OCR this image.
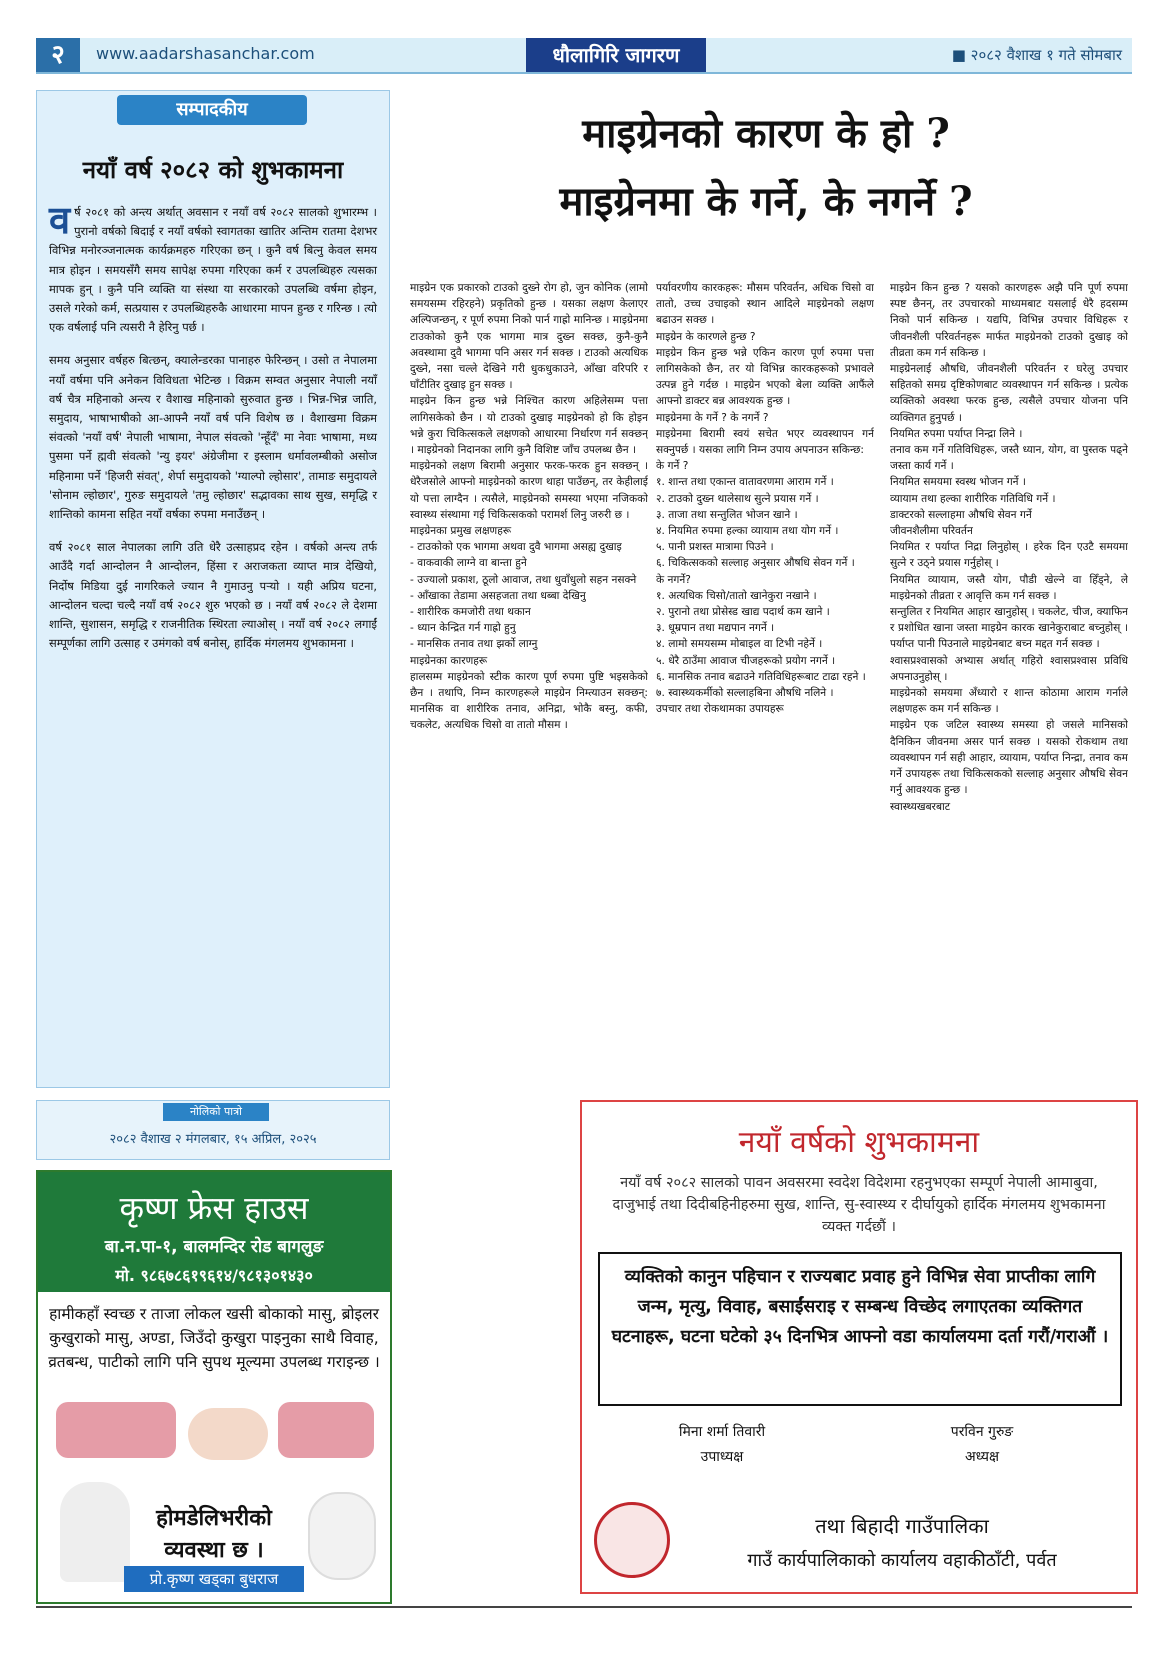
२	www.aadarshasanchar.com	धौलागिरि जागरण	■ २०८२ वैशाख १ गते सोमबार
सम्पादकीय
नयाँ वर्ष २०८२ को शुभकामना

वर्ष २०८१ को अन्त्य अर्थात् अवसान र नयाँ वर्ष २०८२ सालको शुभारम्भ । पुरानो वर्षको बिदाई र नयाँ वर्षको स्वागतका खातिर अन्तिम रातमा देशभर विभिन्न मनोरञ्जनात्मक कार्यक्रमहरु गरिएका छन् । कुनै वर्ष बित्नु केवल समय मात्र होइन । समयसँगै समय सापेक्ष रुपमा गरिएका कर्म र उपलब्धिहरु त्यसका मापक हुन् । कुनै पनि व्यक्ति या संस्था या सरकारको उपलब्धि वर्षमा होइन, उसले गरेको कर्म, सत्प्रयास र उपलब्धिहरुकै आधारमा मापन हुन्छ र गरिन्छ । त्यो एक वर्षलाई पनि त्यसरी नै हेरिनु पर्छ ।

समय अनुसार वर्षहरु बित्छन्, क्यालेन्डरका पानाहरु फेरिन्छन् । उसो त नेपालमा नयाँ वर्षमा पनि अनेकन विविधता भेटिन्छ । विक्रम सम्वत अनुसार नेपाली नयाँ वर्ष चैत्र महिनाको अन्त्य र वैशाख महिनाको सुरुवात हुन्छ । भिन्न-भिन्न जाति, समुदाय, भाषाभाषीको आ-आफ्नै नयाँ वर्ष पनि विशेष छ । वैशाखमा विक्रम संवत्को 'नयाँ वर्ष' नेपाली भाषामा, नेपाल संवत्को 'न्हूँदँ' मा नेवाः भाषामा, मध्य पुसमा पर्ने ह्मवी संवत्को 'न्यु इयर' अंग्रेजीमा र इस्लाम धर्मावलम्बीको असोज महिनामा पर्ने 'हिजरी संवत्', शेर्पा समुदायको 'ग्याल्पो ल्होसार', तामाङ समुदायले 'सोनाम ल्होछार', गुरुङ समुदायले 'तमु ल्होछार' सद्भावका साथ सुख, समृद्धि र शान्तिको कामना सहित नयाँ वर्षका रुपमा मनाउँछन् ।

वर्ष २०८१ साल नेपालका लागि उति धेरै उत्साहप्रद रहेन । वर्षको अन्त्य तर्फ आउँदै गर्दा आन्दोलन नै आन्दोलन, हिंसा र अराजकता व्याप्त मात्र देखियो, निर्दोष मिडिया दुई नागरिकले ज्यान नै गुमाउनु पर्‍यो । यही अप्रिय घटना, आन्दोलन चल्दा चल्दै नयाँ वर्ष २०८२ शुरु भएको छ । नयाँ वर्ष २०८२ ले देशमा शान्ति, सुशासन, समृद्धि र राजनीतिक स्थिरता ल्याओस् । नयाँ वर्ष २०८२ लगाईं सम्पूर्णका लागि उत्साह र उमंगको वर्ष बनोस्, हार्दिक मंगलमय शुभकामना ।

नोलिको पात्रो
२०८२ वैशाख २ मंगलबार, १५ अप्रिल, २०२५
कृष्ण फ्रेस हाउस
बा.न.पा-१, बालमन्दिर रोड बागलुङ
मो. ९८६७८६१९६१४/९८१३०१४३०
हामीकहाँ स्वच्छ र ताजा लोकल खसी बोकाको मासु, ब्रोइलर कुखुराको मासु, अण्डा, जिउँदो कुखुरा पाइनुका साथै विवाह, व्रतबन्ध, पाटीको लागि पनि सुपथ मूल्यमा उपलब्ध गराइन्छ ।
होमडेलिभरीको
व्यवस्था छ ।
प्रो.कृष्ण खड्का बुधराज
माइग्रेनको कारण के हो ?
माइग्रेनमा के गर्ने, के नगर्ने ?

माइग्रेन एक प्रकारको टाउको दुख्ने रोग हो, जुन कोनिक (लामो समयसम्म रहिरहने) प्रकृतिको हुन्छ । यसका लक्षण केलाएर अल्पिजन्छन्, र पूर्ण रुपमा निको पार्न गाह्रो मानिन्छ । माइग्रेनमा टाउकोको कुनै एक भागमा मात्र दुख्न सक्छ, कुनै-कुनै अवस्थामा दुवै भागमा पनि असर गर्न सक्छ । टाउको अत्यधिक दुख्ने, नसा चल्ले देखिने गरी धुकधुकाउने, आँखा वरिपरि र घाँटीतिर दुखाइ हुन सक्छ ।

माइग्रेन किन हुन्छ भन्ने निश्चित कारण अहिलेसम्म पत्ता लागिसकेको छैन । यो टाउको दुखाइ माइग्रेनको हो कि होइन भन्ने कुरा चिकित्सकले लक्षणको आधारमा निर्धारण गर्न सक्छन् । माइग्रेनको निदानका लागि कुनै विशिष्ट जाँच उपलब्ध छैन ।

माइग्रेनको लक्षण बिरामी अनुसार फरक-फरक हुन सक्छन् । धेरैजसोले आफ्नो माइग्रेनको कारण थाहा पाउँछन्, तर केहीलाई यो पत्ता लाग्दैन । त्यसैले, माइग्रेनको समस्या भएमा नजिकको स्वास्थ्य संस्थामा गई चिकित्सकको परामर्श लिनु जरुरी छ ।

माइग्रेनका प्रमुख लक्षणहरू

- टाउकोको एक भागमा अथवा दुवै भागमा असह्य दुखाइ

- वाकवाकी लाग्ने वा बान्ता हुने

- उज्यालो प्रकाश, ठूलो आवाज, तथा धुवाँधुलो सहन नसक्ने

- आँखाका तेडामा असहजता तथा धब्बा देखिनु

- शारीरिक कमजोरी तथा थकान

- ध्यान केन्द्रित गर्न गाह्रो हुनु

- मानसिक तनाव तथा झर्को लाग्नु

माइग्रेनका कारणहरू

हालसम्म माइग्रेनको स्टीक कारण पूर्ण रुपमा पुष्टि भइसकेको छैन । तथापि, निम्न कारणहरूले माइग्रेन निम्त्याउन सक्छन्: मानसिक वा शारीरिक तनाव, अनिद्रा, भोकै बस्नु, कफी, चकलेट, अत्यधिक चिसो वा तातो मौसम ।

पर्यावरणीय कारकहरू: मौसम परिवर्तन, अधिक चिसो वा तातो, उच्च उचाइको स्थान आदिले माइग्रेनको लक्षण बढाउन सक्छ ।

माइग्रेन के कारणले हुन्छ ?

माइग्रेन किन हुन्छ भन्ने एकिन कारण पूर्ण रुपमा पत्ता लागिसकेको छैन, तर यो विभिन्न कारकहरूको प्रभावले उत्पन्न हुने गर्दछ । माइग्रेन भएको बेला व्यक्ति आफैंले आफ्नो डाक्टर बन्न आवश्यक हुन्छ ।

माइग्रेनमा के गर्ने ? के नगर्ने ?

माइग्रेनमा बिरामी स्वयं सचेत भएर व्यवस्थापन गर्न सक्नुपर्छ । यसका लागि निम्न उपाय अपनाउन सकिन्छ:

के गर्ने ?

१. शान्त तथा एकान्त वातावरणमा आराम गर्ने ।

२. टाउको दुख्न थालेसाथ सुत्ने प्रयास गर्ने ।

३. ताजा तथा सन्तुलित भोजन खाने ।

४. नियमित रुपमा हल्का व्यायाम तथा योग गर्ने ।

५. पानी प्रशस्त मात्रामा पिउने ।

६. चिकित्सकको सल्लाह अनुसार औषधि सेवन गर्ने ।

के नगर्ने?

१. अत्यधिक चिसो/तातो खानेकुरा नखाने ।

२. पुरानो तथा प्रोसेस्ड खाद्य पदार्थ कम खाने ।

३. धूम्रपान तथा मद्यपान नगर्ने ।

४. लामो समयसम्म मोबाइल वा टिभी नहेर्ने ।

५. धेरै ठाउँमा आवाज चीजहरूको प्रयोग नगर्ने ।

६. मानसिक तनाव बढाउने गतिविधिहरूबाट टाढा रहने ।

७. स्वास्थ्यकर्मीको सल्लाहबिना औषधि नलिने ।

उपचार तथा रोकथामका उपायहरू

माइग्रेन किन हुन्छ ? यसको कारणहरू अझै पनि पूर्ण रुपमा स्पष्ट छैनन्, तर उपचारको माध्यमबाट यसलाई धेरै हदसम्म निको पार्न सकिन्छ । यद्यपि, विभिन्न उपचार विधिहरू र जीवनशैली परिवर्तनहरू मार्फत माइग्रेनको टाउको दुखाइ को तीव्रता कम गर्न सकिन्छ ।

माइग्रेनलाई औषधि, जीवनशैली परिवर्तन र घरेलु उपचार सहितको समग्र दृष्टिकोणबाट व्यवस्थापन गर्न सकिन्छ । प्रत्येक व्यक्तिको अवस्था फरक हुन्छ, त्यसैले उपचार योजना पनि व्यक्तिगत हुनुपर्छ ।

नियमित रुपमा पर्याप्त निन्द्रा लिने ।

तनाव कम गर्ने गतिविधिहरू, जस्तै ध्यान, योग, वा पुस्तक पढ्ने जस्ता कार्य गर्ने ।

नियमित समयमा स्वस्थ भोजन गर्ने ।

व्यायाम तथा हल्का शारीरिक गतिविधि गर्ने ।

डाक्टरको सल्लाहमा औषधि सेवन गर्ने

जीवनशैलीमा परिवर्तन

नियमित र पर्याप्त निद्रा लिनुहोस् । हरेक दिन एउटै समयमा सुत्ने र उठ्ने प्रयास गर्नुहोस् ।

नियमित व्यायाम, जस्तै योग, पौडी खेल्ने वा हिँड्ने, ले माइग्रेनको तीव्रता र आवृत्ति कम गर्न सक्छ ।

सन्तुलित र नियमित आहार खानुहोस् । चकलेट, चीज, क्याफिन र प्रशोधित खाना जस्ता माइग्रेन कारक खानेकुराबाट बच्नुहोस् । पर्याप्त पानी पिउनाले माइग्रेनबाट बच्न मद्दत गर्न सक्छ ।

श्वासप्रश्वासको अभ्यास अर्थात् गहिरो श्वासप्रश्वास प्रविधि अपनाउनुहोस् ।

माइग्रेनको समयमा अँध्यारो र शान्त कोठामा आराम गर्नाले लक्षणहरू कम गर्न सकिन्छ ।

माइग्रेन एक जटिल स्वास्थ्य समस्या हो जसले मानिसको दैनिकिन जीवनमा असर पार्न सक्छ । यसको रोकथाम तथा व्यवस्थापन गर्न सही आहार, व्यायाम, पर्याप्त निन्द्रा, तनाव कम गर्ने उपायहरू तथा चिकित्सकको सल्लाह अनुसार औषधि सेवन गर्नु आवश्यक हुन्छ ।

स्वास्थ्यखबरबाट

नयाँ वर्षको शुभकामना
नयाँ वर्ष २०८२ सालको पावन अवसरमा स्वदेश विदेशमा रहनुभएका सम्पूर्ण नेपाली आमाबुवा, दाजुभाई तथा दिदीबहिनीहरुमा सुख, शान्ति, सु-स्वास्थ्य र दीर्घायुको हार्दिक मंगलमय शुभकामना व्यक्त गर्दछौं ।
व्यक्तिको कानुन पहिचान र राज्यबाट प्रवाह हुने विभिन्न सेवा प्राप्तीका लागि जन्म, मृत्यु, विवाह, बसाईंसराइ र सम्बन्ध विच्छेद लगाएतका व्यक्तिगत घटनाहरू, घटना घटेको ३५ दिनभित्र आफ्नो वडा कार्यालयमा दर्ता गरौं/गराऔं ।
मिना शर्मा तिवारी
उपाध्यक्ष
परविन गुरुङ
अध्यक्ष
तथा बिहादी गाउँपालिका
गाउँ कार्यपालिकाको कार्यालय वहाकीठाँटी, पर्वत
